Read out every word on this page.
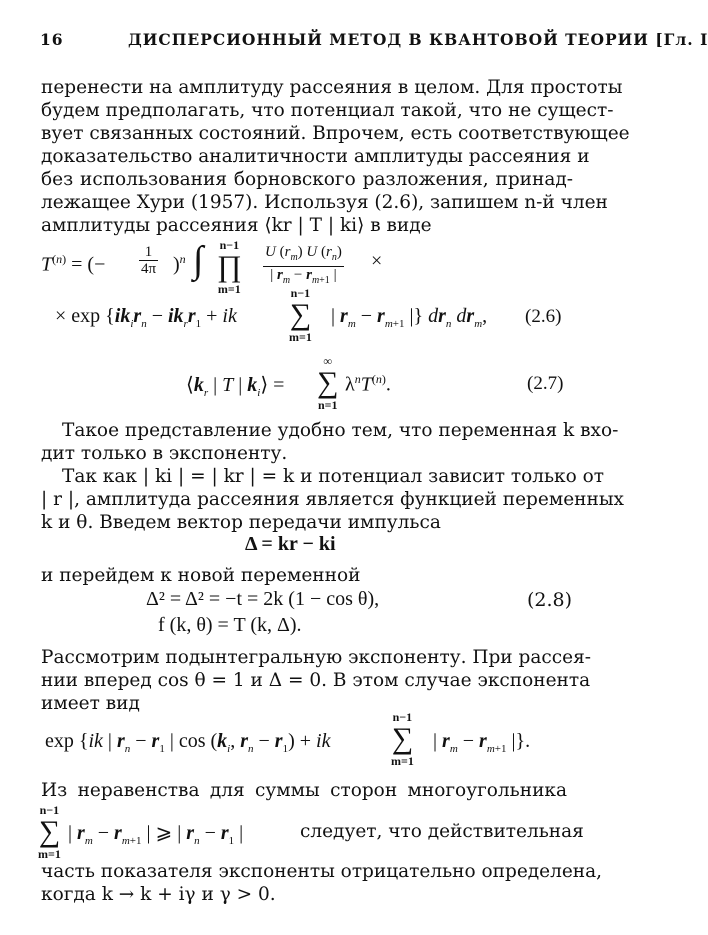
16	ДИСПЕРСИОННЫЙ МЕТОД В КВАНТОВОЙ ТЕОРИИ [Гл. I
перенести на амплитуду рассеяния в целом. Для простоты
будем предполагать, что потенциал такой, что не сущест-
вует связанных состояний. Впрочем, есть соответствующее
доказательство аналитичности амплитуды рассеяния и
без использования борновского разложения, принад-
лежащее Хури (1957). Используя (2.6), запишем n-й член
амплитуды рассеяния ⟨kr | T | ki⟩ в виде
$T^{(n)}$ = (− $\frac{1}{4\pi} )^n$ ∫ n−1
∏
$m=1 \frac{U (r_m) U (r_n)}{| r_m - r_{m+1} |}$ ×
× $\exp \{ik_ir_n - ik_rr_1$ + ik
n−1
∑
m=1
| $r_m - r_{m+1}$ |} $dr_n$ $dr_m$, (2.6)
$⟨k_r$ | T | $k_i⟩$ =
∞
∑
n=1
$\lambda^nT^{(n)}$.	(2.7)
Такое представление удобно тем, что переменная k вхо-
дит только в экспоненту.
Так как | ki | = | kr | = k и потенциал зависит только от
| r |, амплитуда рассеяния является функцией переменных
k и θ. Введем вектор передачи импульса
Δ = kr − ki
и перейдем к новой переменной
Δ² = Δ² = −t = 2k (1 − cos θ),	(2.8)
f (k, θ) = T (k, Δ).
Рассмотрим подынтегральную экспоненту. При рассея-
нии вперед cos θ = 1 и Δ = 0. В этом случае экспонента
имеет вид
exp {ik | $r_n - r_1$ | $\cos (k_i$, $r_n - r_1$) + ik
n−1
∑
m=1
| $r_m - r_{m+1}$ |}.
Из неравенства для суммы сторон многоугольника
n−1
∑
m=1
| $r_m - r_{m+1}$ | ⩾ | $r_n - r_1$ |	следует, что действительная
часть показателя экспоненты отрицательно определена,
когда k → k + iγ и γ > 0.
